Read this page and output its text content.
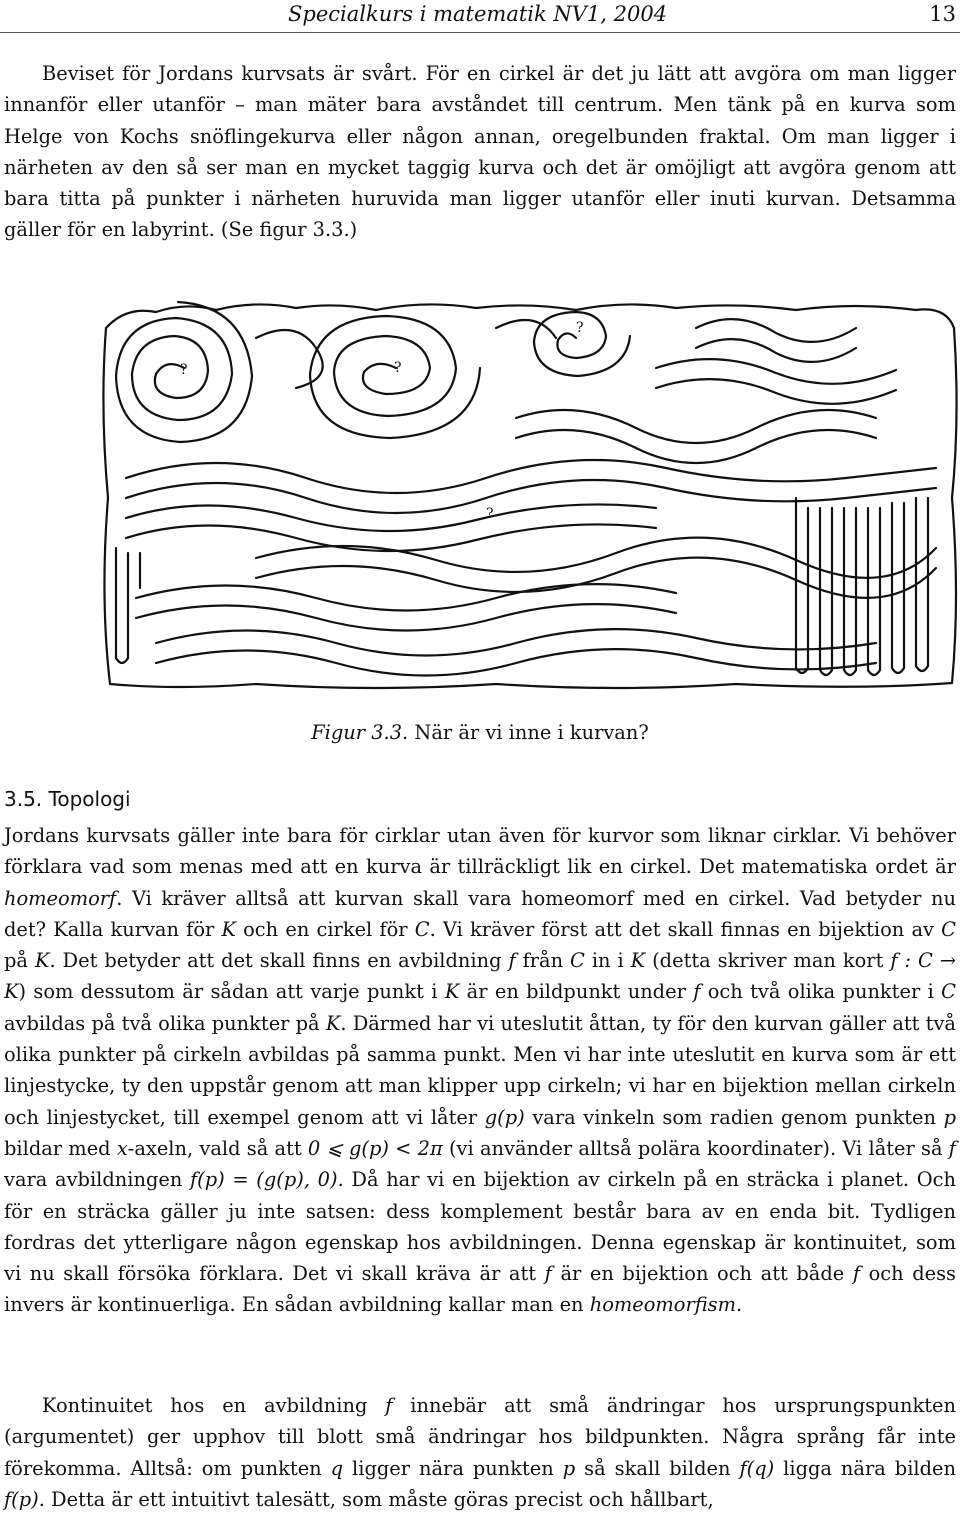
Specialkurs i matematik NV1, 2004	13

Beviset för Jordans kurvsats är svårt. För en cirkel är det ju lätt att avgöra om man ligger innanför eller utanför – man mäter bara avståndet till centrum. Men tänk på en kurva som Helge von Kochs snöflingekurva eller någon annan, oregelbunden fraktal. Om man ligger i närheten av den så ser man en mycket taggig kurva och det är omöjligt att avgöra genom att bara titta på punkter i närheten huruvida man ligger utanför eller inuti kurvan. Detsamma gäller för en labyrint. (Se figur 3.3.)

?	?
?
?
Figur 3.3. När är vi inne i kurvan?
3.5. Topologi

Jordans kurvsats gäller inte bara för cirklar utan även för kurvor som liknar cirklar. Vi behöver förklara vad som menas med att en kurva är tillräckligt lik en cirkel. Det matematiska ordet är homeomorf. Vi kräver alltså att kurvan skall vara homeomorf med en cirkel. Vad betyder nu det? Kalla kurvan för K och en cirkel för C. Vi kräver först att det skall finnas en bijektion av C på K. Det betyder att det skall finns en avbildning f från C in i K (detta skriver man kort f : C → K) som dessutom är sådan att varje punkt i K är en bildpunkt under f och två olika punkter i C avbildas på två olika punkter på K. Därmed har vi uteslutit åttan, ty för den kurvan gäller att två olika punkter på cirkeln avbildas på samma punkt. Men vi har inte uteslutit en kurva som är ett linjestycke, ty den uppstår genom att man klipper upp cirkeln; vi har en bijektion mellan cirkeln och linjestycket, till exempel genom att vi låter g(p) vara vinkeln som radien genom punkten p bildar med x-axeln, vald så att 0 ⩽ g(p) < 2π (vi använder alltså polära koordinater). Vi låter så f vara avbildningen f(p) = (g(p), 0). Då har vi en bijektion av cirkeln på en sträcka i planet. Och för en sträcka gäller ju inte satsen: dess komplement består bara av en enda bit. Tydligen fordras det ytterligare någon egenskap hos avbildningen. Denna egenskap är kontinuitet, som vi nu skall försöka förklara. Det vi skall kräva är att f är en bijektion och att både f och dess invers är kontinuerliga. En sådan avbildning kallar man en homeomorfism.

Kontinuitet hos en avbildning f innebär att små ändringar hos ursprungspunkten (argumentet) ger upphov till blott små ändringar hos bildpunkten. Några språng får inte förekomma. Alltså: om punkten q ligger nära punkten p så skall bilden f(q) ligga nära bilden f(p). Detta är ett intuitivt talesätt, som måste göras precist och hållbart,
